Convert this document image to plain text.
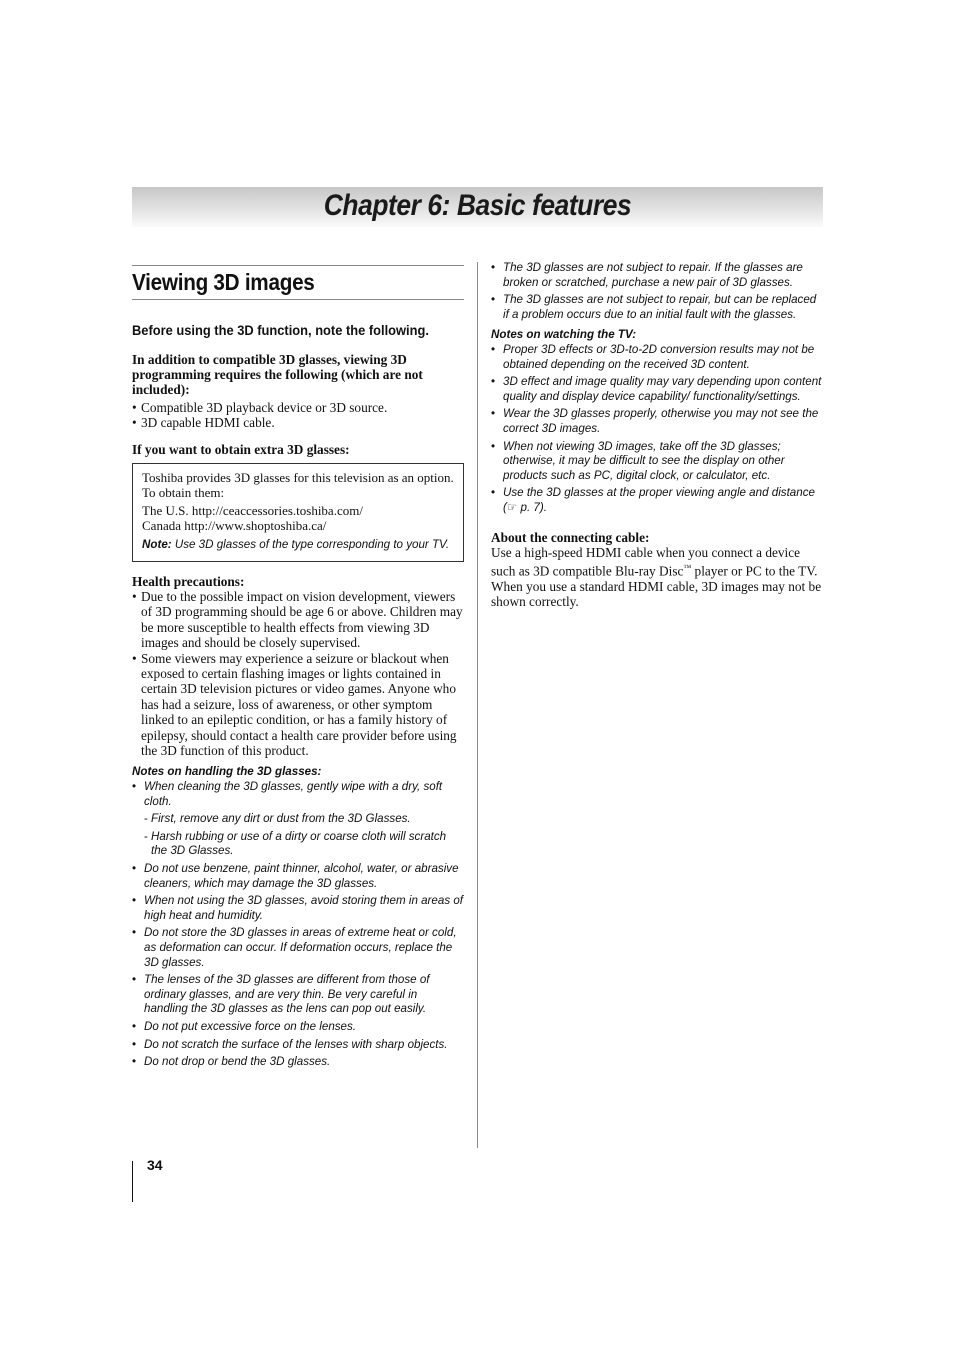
Chapter 6: Basic features
Viewing 3D images
Before using the 3D function, note the following.

In addition to compatible 3D glasses, viewing 3D programming requires the following (which are not included):

• Compatible 3D playback device or 3D source.
• 3D capable HDMI cable.

If you want to obtain extra 3D glasses:

Toshiba provides 3D glasses for this television as an option. To obtain them:

The U.S. http://ceaccessories.toshiba.com/

Canada http://www.shoptoshiba.ca/

Note: Use 3D glasses of the type corresponding to your TV.

Health precautions:

• Due to the possible impact on vision development, viewers of 3D programming should be age 6 or above. Children may be more susceptible to health effects from viewing 3D images and should be closely supervised.
• Some viewers may experience a seizure or blackout when exposed to certain flashing images or lights contained in certain 3D television pictures or video games. Anyone who has had a seizure, loss of awareness, or other symptom linked to an epileptic condition, or has a family history of epilepsy, should contact a health care provider before using the 3D function of this product.

Notes on handling the 3D glasses:

• When cleaning the 3D glasses, gently wipe with a dry, soft cloth.
- First, remove any dirt or dust from the 3D Glasses.
- Harsh rubbing or use of a dirty or coarse cloth will scratch the 3D Glasses.
• Do not use benzene, paint thinner, alcohol, water, or abrasive cleaners, which may damage the 3D glasses.
• When not using the 3D glasses, avoid storing them in areas of high heat and humidity.
• Do not store the 3D glasses in areas of extreme heat or cold, as deformation can occur. If deformation occurs, replace the 3D glasses.
• The lenses of the 3D glasses are different from those of ordinary glasses, and are very thin. Be very careful in handling the 3D glasses as the lens can pop out easily.
• Do not put excessive force on the lenses.
• Do not scratch the surface of the lenses with sharp objects.
• Do not drop or bend the 3D glasses.
• The 3D glasses are not subject to repair. If the glasses are broken or scratched, purchase a new pair of 3D glasses.
• The 3D glasses are not subject to repair, but can be replaced if a problem occurs due to an initial fault with the glasses.

Notes on watching the TV:

• Proper 3D effects or 3D-to-2D conversion results may not be obtained depending on the received 3D content.
• 3D effect and image quality may vary depending upon content quality and display device capability/ functionality/settings.
• Wear the 3D glasses properly, otherwise you may not see the correct 3D images.
• When not viewing 3D images, take off the 3D glasses; otherwise, it may be difficult to see the display on other products such as PC, digital clock, or calculator, etc.
• Use the 3D glasses at the proper viewing angle and distance (☞ p. 7).

About the connecting cable:

Use a high-speed HDMI cable when you connect a device such as 3D compatible Blu-ray Disc™ player or PC to the TV. When you use a standard HDMI cable, 3D images may not be shown correctly.

34
